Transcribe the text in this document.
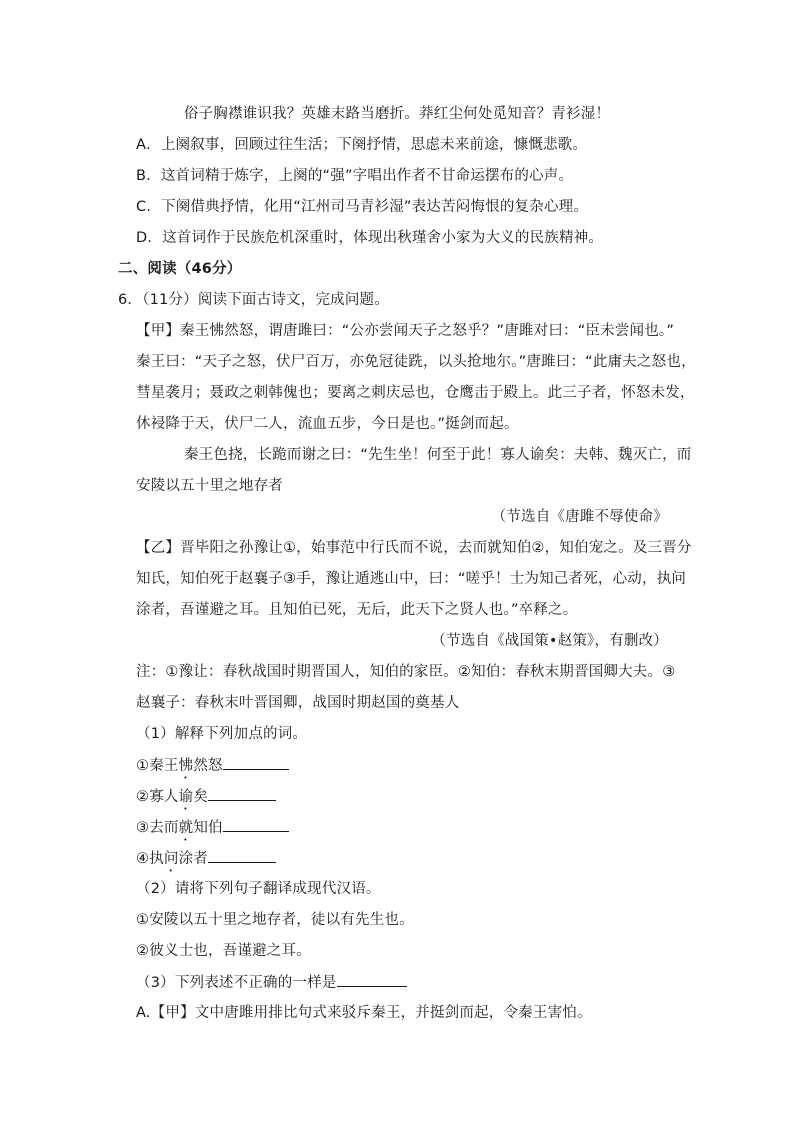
俗子胸襟谁识我？英雄末路当磨折。莽红尘何处觅知音？青衫湿！
A．上阕叙事，回顾过往生活；下阕抒情，思虑未来前途，慷慨悲歌。
B．这首词精于炼字，上阕的“强”字唱出作者不甘命运摆布的心声。
C．下阕借典抒情，化用“江州司马青衫湿”表达苦闷悔恨的复杂心理。
D．这首词作于民族危机深重时，体现出秋瑾舍小家为大义的民族精神。
二、阅读（46分）
6．（11分）阅读下面古诗文，完成问题。
【甲】秦王怫然怒，谓唐雎曰：“公亦尝闻天子之怒乎？”唐雎对曰：“臣未尝闻也。”
秦王曰：“天子之怒，伏尸百万，亦免冠徒跣，以头抢地尔。”唐雎曰：“此庸夫之怒也，
彗星袭月；聂政之刺韩傀也；要离之刺庆忌也，仓鹰击于殿上。此三子者，怀怒未发，
休祲降于天，伏尸二人，流血五步，今日是也。”挺剑而起。
秦王色挠，长跪而谢之曰：“先生坐！何至于此！寡人谕矣：夫韩、魏灭亡，而
安陵以五十里之地存者
（节选自《唐雎不辱使命》
【乙】晋毕阳之孙豫让①，始事范中行氏而不说，去而就知伯②，知伯宠之。及三晋分
知氏，知伯死于赵襄子③手，豫让遁逃山中，曰：“嗟乎！士为知己者死，心动，执问
涂者，吾谨避之耳。且知伯已死，无后，此天下之贤人也。”卒释之。
（节选自《战国策•赵策》，有删改）
注：①豫让：春秋战国时期晋国人，知伯的家臣。②知伯：春秋末期晋国卿大夫。③
赵襄子：春秋末叶晋国卿，战国时期赵国的奠基人
（1）解释下列加点的词。
①秦王怫然怒
②寡人谕矣
③去而就知伯
④执问涂者
（2）请将下列句子翻译成现代汉语。
①安陵以五十里之地存者，徒以有先生也。
②彼义士也，吾谨避之耳。
（3）下列表述不正确的一样是
A.【甲】文中唐雎用排比句式来驳斥秦王，并挺剑而起，令秦王害怕。
